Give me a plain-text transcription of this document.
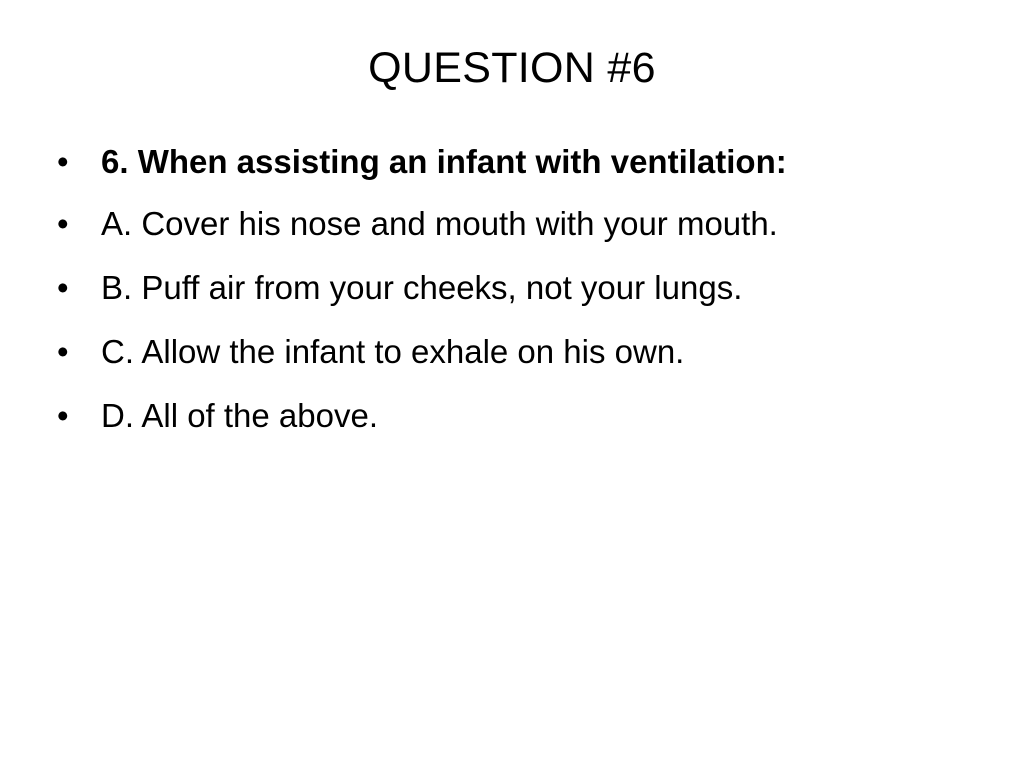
QUESTION #6
• 6. When assisting an infant with ventilation:
• A. Cover his nose and mouth with your mouth.
• B. Puff air from your cheeks, not your lungs.
• C. Allow the infant to exhale on his own.
• D. All of the above.
